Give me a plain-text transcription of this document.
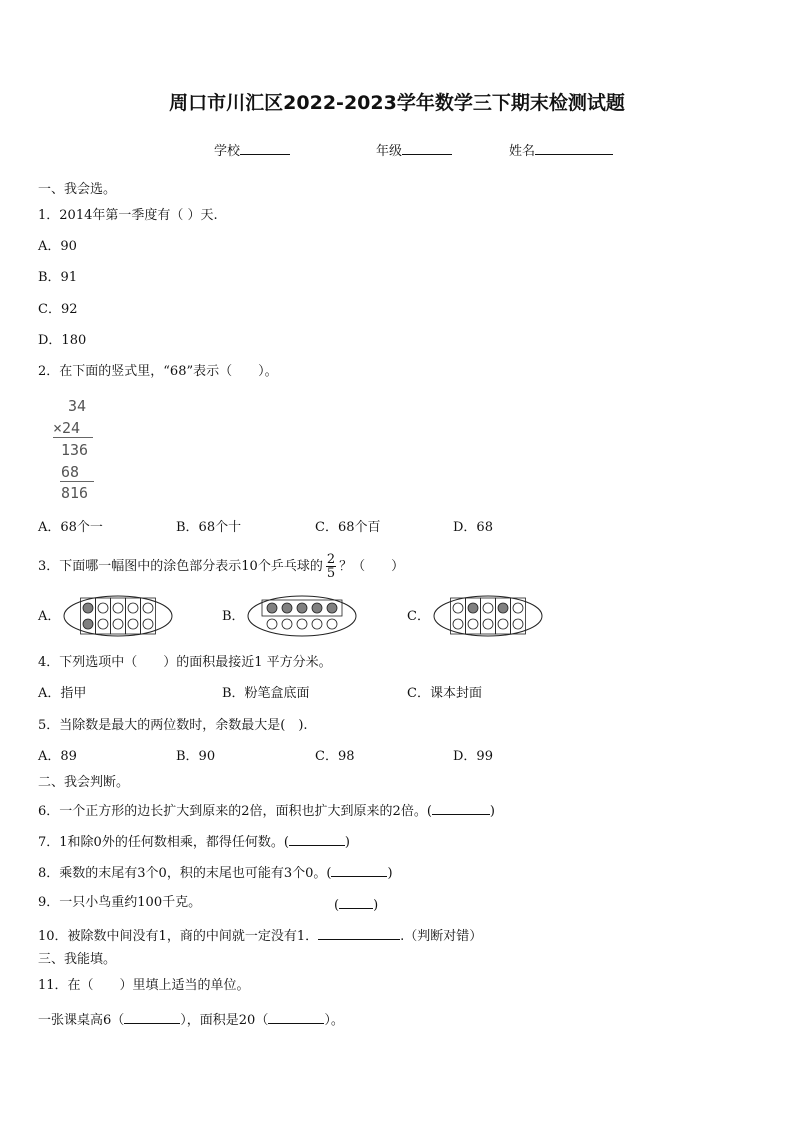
周口市川汇区2022-2023学年数学三下期末检测试题
学校	年级	姓名
一、我会选。
1．2014年第一季度有（ ）天.
A．90
B．91
C．92
D．180
2．在下面的竖式里，“68”表示（　　）。
34
×24
136
68
816
A．68个一	B．68个十	C．68个百	D．68
3．下面哪一幅图中的涂色部分表示10个乒乓球的 $\frac{2}{5}$ ？（　　）
A．	B．	C．
4．下列选项中（　　）的面积最接近1 平方分米。
A．指甲	B．粉笔盒底面	C．课本封面
5．当除数是最大的两位数时，余数最大是(　).
A．89	B．90	C．98	D．99
二、我会判断。
6．一个正方形的边长扩大到原来的2倍，面积也扩大到原来的2倍。(	)
7．1和除0外的任何数相乘，都得任何数。(	)
8．乘数的末尾有3个0，积的末尾也可能有3个0。(	)
9．一只小鸟重约100千克。	(	)
10．被除数中间没有1，商的中间就一定没有1．	.（判断对错）
三、我能填。
11．在（　　）里填上适当的单位。
一张课桌高6（	），面积是20（	）。
